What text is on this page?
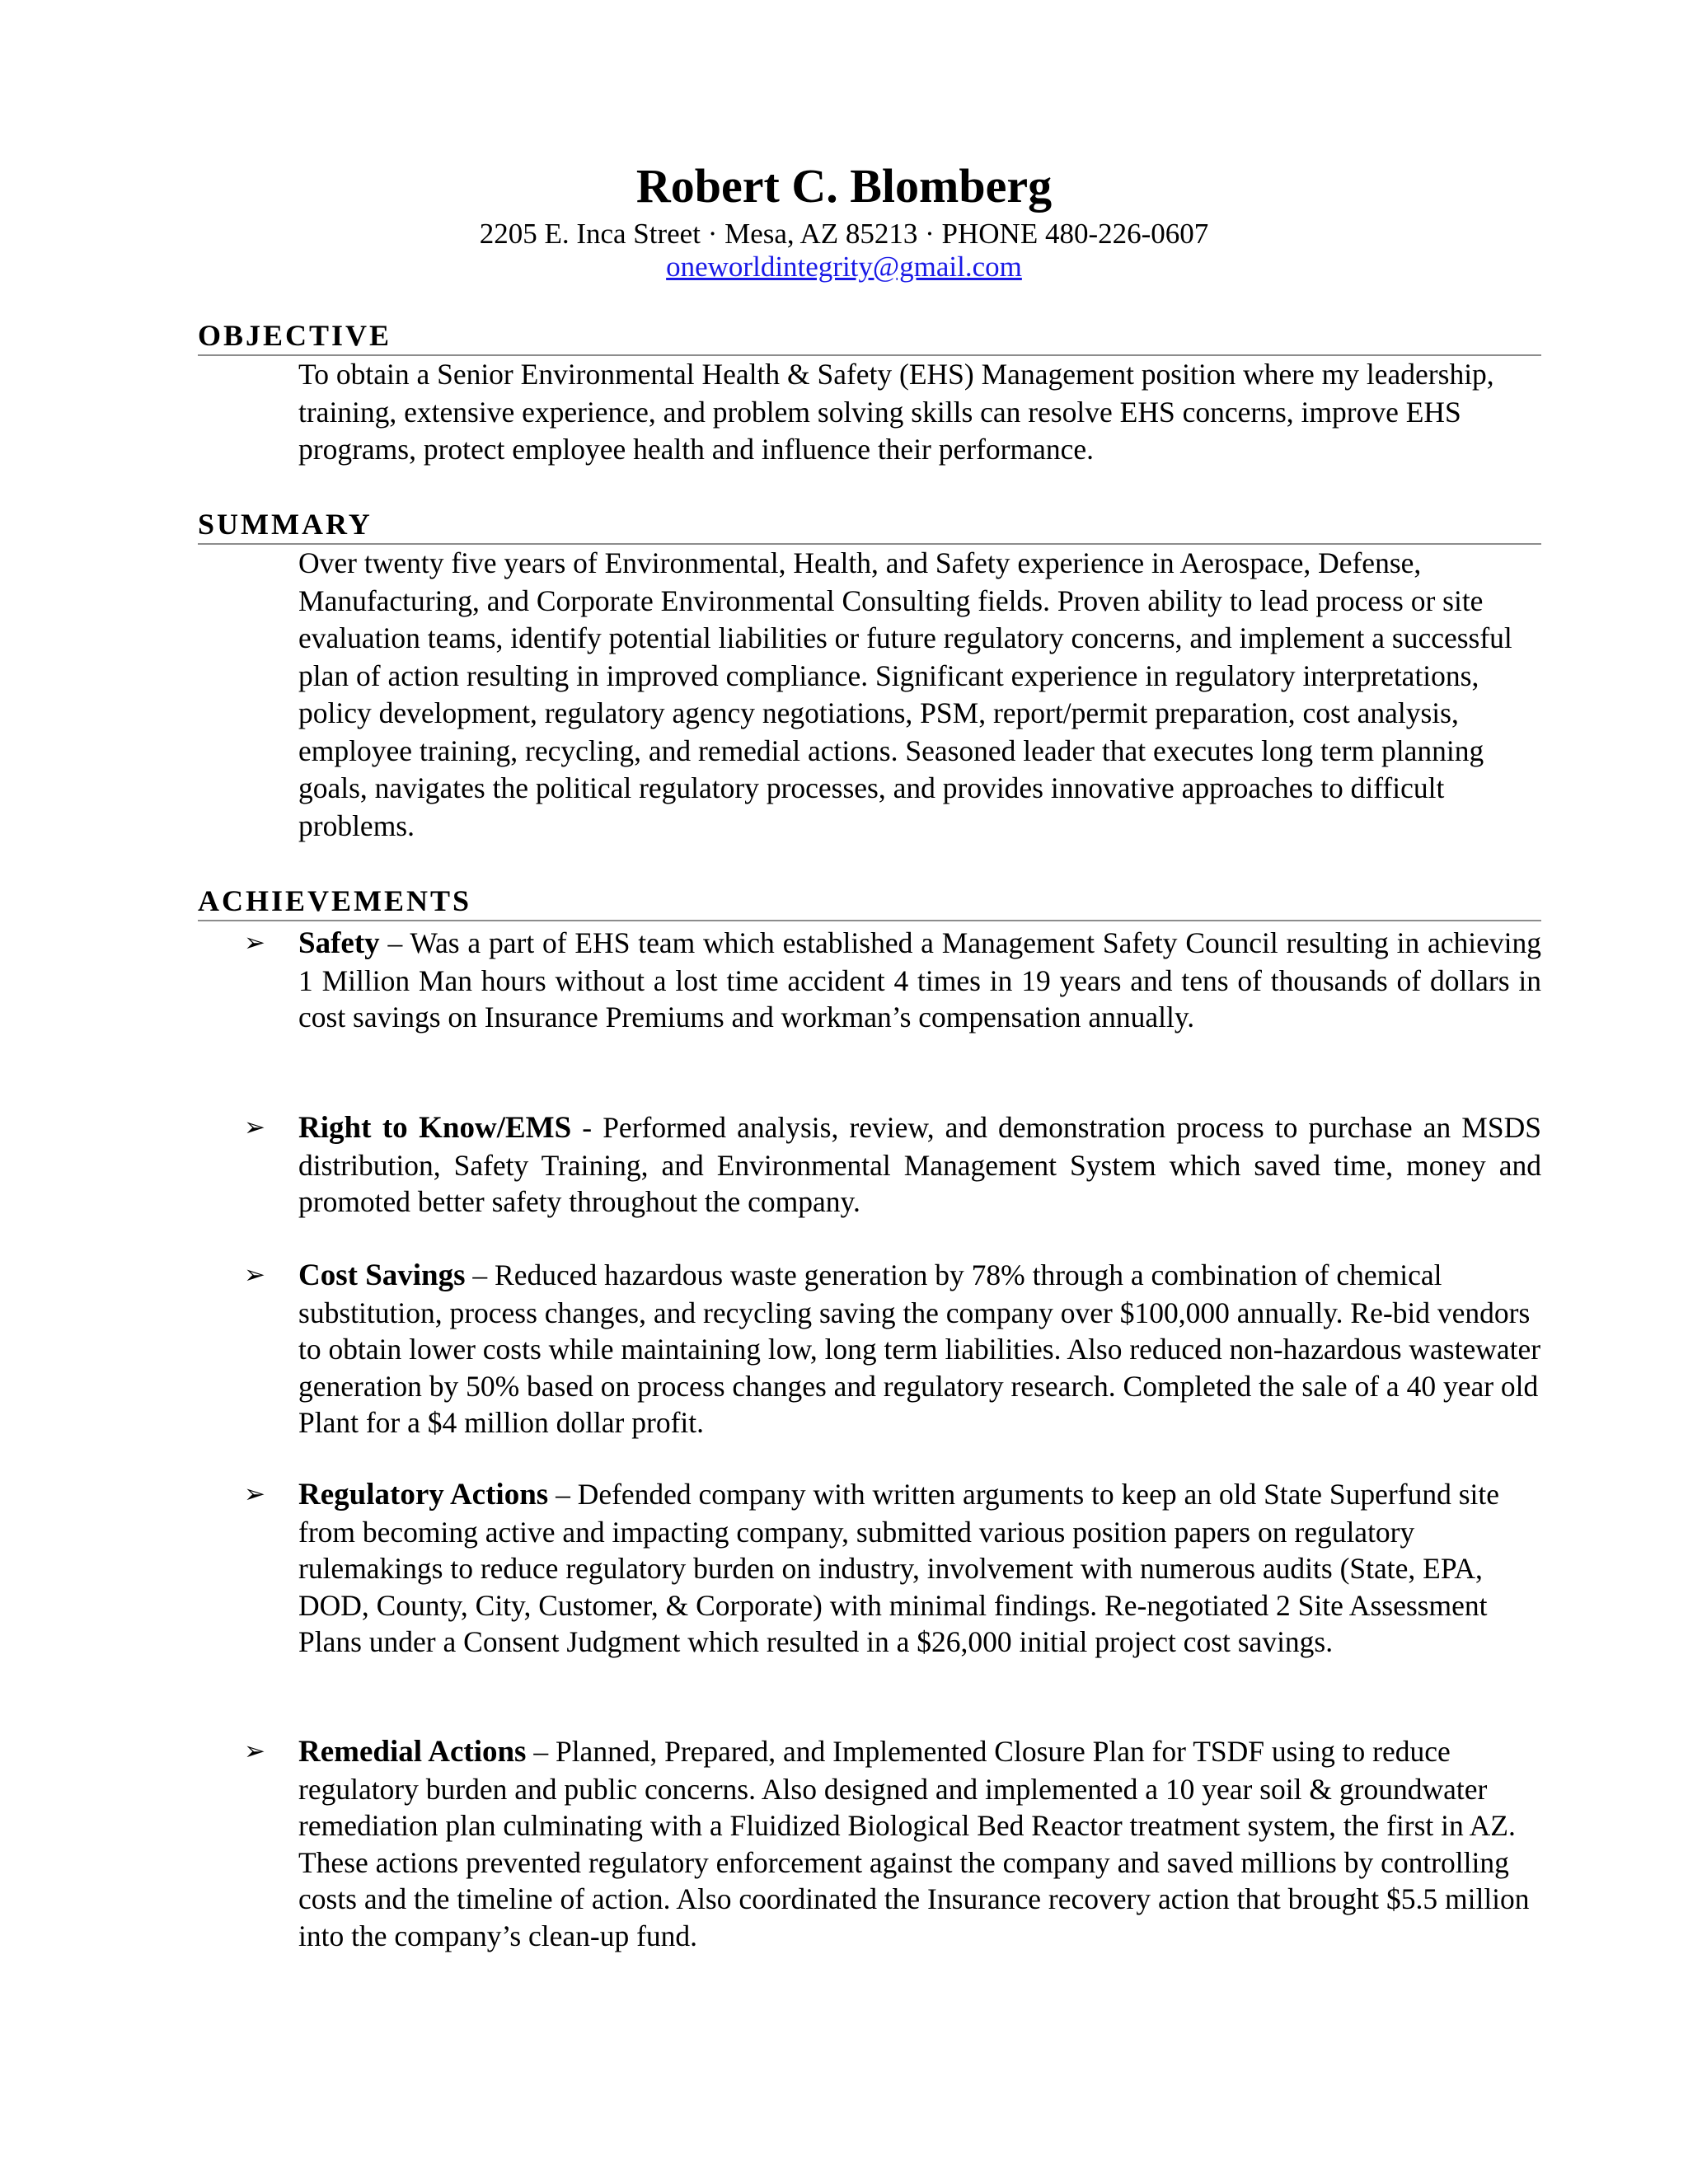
Robert C. Blomberg
2205 E. Inca Street · Mesa, AZ 85213 · PHONE 480-226-0607
oneworldintegrity@gmail.com
OBJECTIVE
To obtain a Senior Environmental Health & Safety (EHS) Management position where my leadership, training, extensive experience, and problem solving skills can resolve EHS concerns, improve EHS programs, protect employee health and influence their performance.
SUMMARY
Over twenty five years of Environmental, Health, and Safety experience in Aerospace, Defense, Manufacturing, and Corporate Environmental Consulting fields. Proven ability to lead process or site evaluation teams, identify potential liabilities or future regulatory concerns, and implement a successful plan of action resulting in improved compliance. Significant experience in regulatory interpretations, policy development, regulatory agency negotiations, PSM, report/permit preparation, cost analysis, employee training, recycling, and remedial actions. Seasoned leader that executes long term planning goals, navigates the political regulatory processes, and provides innovative approaches to difficult problems.
ACHIEVEMENTS
➢ Safety – Was a part of EHS team which established a Management Safety Council resulting in achieving 1 Million Man hours without a lost time accident 4 times in 19 years and tens of thousands of dollars in cost savings on Insurance Premiums and workman’s compensation annually.
➢ Right to Know/EMS - Performed analysis, review, and demonstration process to purchase an MSDS distribution, Safety Training, and Environmental Management System which saved time, money and promoted better safety throughout the company.
➢ Cost Savings – Reduced hazardous waste generation by 78% through a combination of chemical substitution, process changes, and recycling saving the company over $100,000 annually. Re-bid vendors to obtain lower costs while maintaining low, long term liabilities. Also reduced non-hazardous wastewater generation by 50% based on process changes and regulatory research. Completed the sale of a 40 year old Plant for a $4 million dollar profit.
➢ Regulatory Actions – Defended company with written arguments to keep an old State Superfund site from becoming active and impacting company, submitted various position papers on regulatory rulemakings to reduce regulatory burden on industry, involvement with numerous audits (State, EPA, DOD, County, City, Customer, & Corporate) with minimal findings. Re-negotiated 2 Site Assessment Plans under a Consent Judgment which resulted in a $26,000 initial project cost savings.
➢ Remedial Actions – Planned, Prepared, and Implemented Closure Plan for TSDF using to reduce regulatory burden and public concerns. Also designed and implemented a 10 year soil & groundwater remediation plan culminating with a Fluidized Biological Bed Reactor treatment system, the first in AZ. These actions prevented regulatory enforcement against the company and saved millions by controlling costs and the timeline of action. Also coordinated the Insurance recovery action that brought $5.5 million into the company’s clean-up fund.
